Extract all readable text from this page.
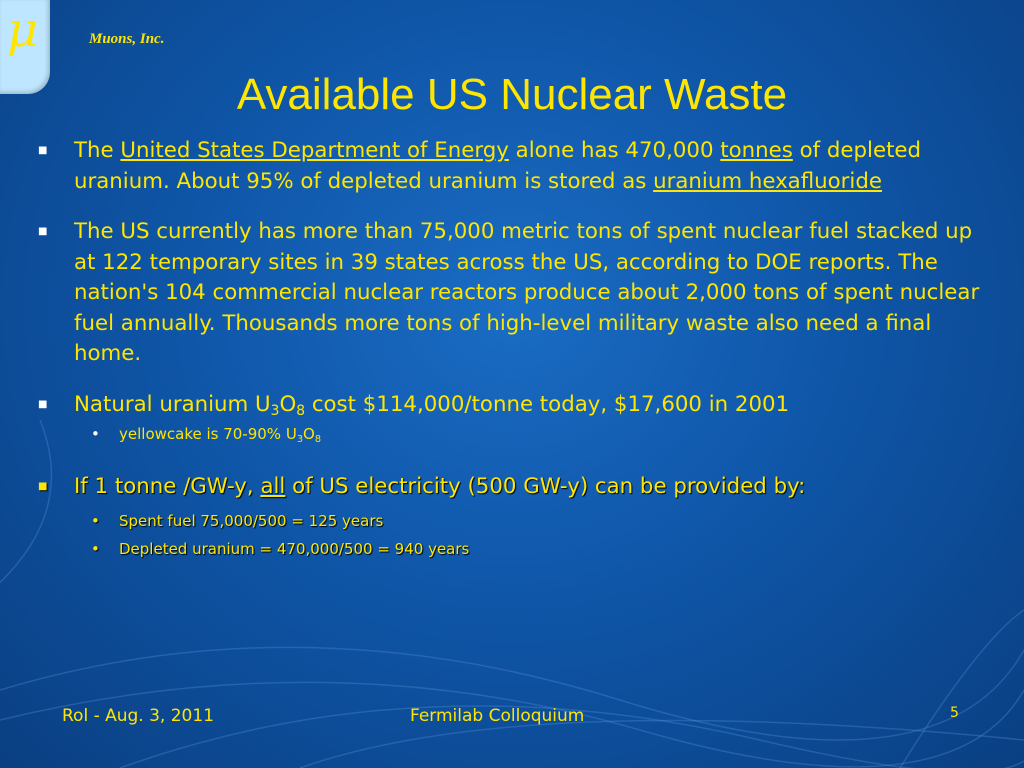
μ	Muons, Inc.
Available US Nuclear Waste
■ The United States Department of Energy alone has 470,000 tonnes of depleted uranium. About 95% of depleted uranium is stored as uranium hexafluoride
■ The US currently has more than 75,000 metric tons of spent nuclear fuel stacked up at 122 temporary sites in 39 states across the US, according to DOE reports. The nation's 104 commercial nuclear reactors produce about 2,000 tons of spent nuclear fuel annually. Thousands more tons of high-level military waste also need a final home.
■ Natural uranium $U_3O_8$ cost $114,000/tonne today, $17,600 in 2001
• yellowcake is 70-90% $U_3O_8$
■ If 1 tonne /GW-y, all of US electricity (500 GW-y) can be provided by:
• Spent fuel 75,000/500 = 125 years
• Depleted uranium = 470,000/500 = 940 years
Rol - Aug. 3, 2011	Fermilab Colloquium	5
